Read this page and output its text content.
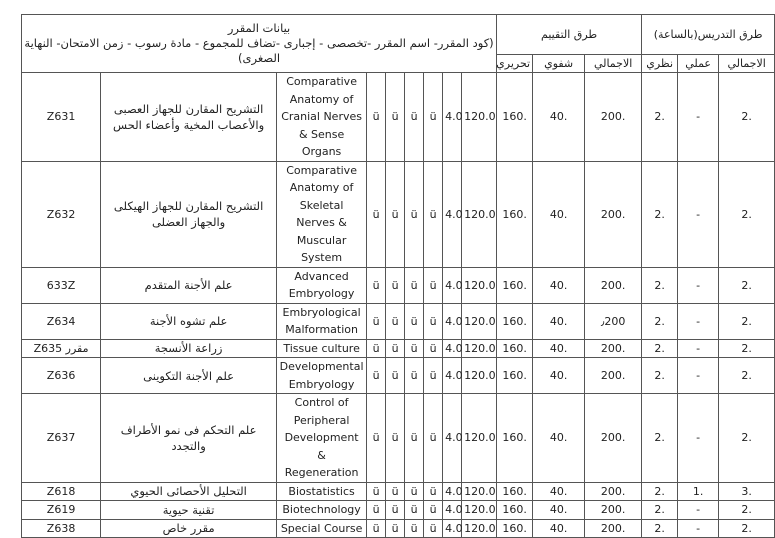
طرق التدريس(بالساعة)			طرق التقييم			بيانات المقرر
(كود المقرر- اسم المقرر -تخصصى - إجبارى -تضاف للمجموع - مادة رسوب - زمن الامتحان- النهاية الصغرى)								

الاجمالي	عملي	نظري	الاجمالي	شفوي	تحريري									
2.	-	2.	200.	40.	160.	120.0	4.0	ü	ü	ü	ü	Comparative Anatomy of Cranial Nerves & Sense Organs	التشريح المقارن للجهاز العصبى والأعصاب المخية وأعضاء الحس	Z631
2.	-	2.	200.	40.	160.	120.0	4.0	ü	ü	ü	ü	Comparative Anatomy of Skeletal Nerves & Muscular System	التشريح المقارن للجهاز الهيكلى والجهاز العضلى	Z632
2.	-	2.	200.	40.	160.	120.0	4.0	ü	ü	ü	ü	Advanced Embryology	علم الأجنة المتقدم	633Z
2.	-	2.	٫200	40.	160.	120.0	4.0	ü	ü	ü	ü	Embryological Malformation	علم تشوه الأجنة	Z634
2.	-	2.	200.	40.	160.	120.0	4.0	ü	ü	ü	ü	Tissue culture	زراعة الأنسجة	Z635 مقرر
2.	-	2.	200.	40.	160.	120.0	4.0	ü	ü	ü	ü	Developmental Embryology	علم الأجنة التكوينى	Z636
2.	-	2.	200.	40.	160.	120.0	4.0	ü	ü	ü	ü	Control of Peripheral Development & Regeneration	علم التحكم فى نمو الأطراف والتجدد	Z637
3.	1.	2.	200.	40.	160.	120.0	4.0	ü	ü	ü	ü	Biostatistics	التحليل الأحصائى الحيوي	Z618
2.	-	2.	200.	40.	160.	120.0	4.0	ü	ü	ü	ü	Biotechnology	تقنية حيوية	Z619
2.	-	2.	200.	40.	160.	120.0	4.0	ü	ü	ü	ü	Special Course	مقرر خاص	Z638
